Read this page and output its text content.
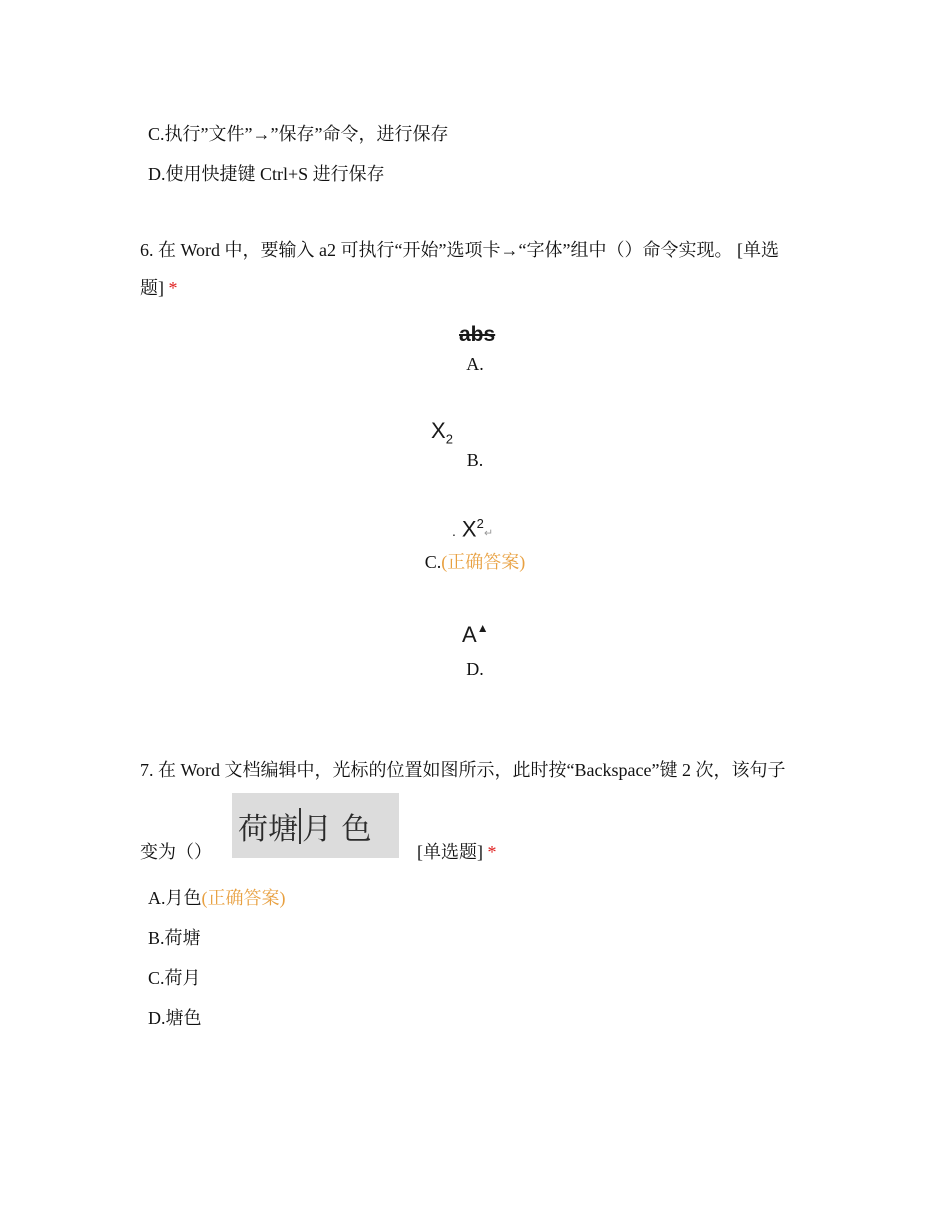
C.执行”文件”→”保存”命令，进行保存
D.使用快捷键 Ctrl+S 进行保存
6. 在 Word 中，要输入 a2 可执行“开始”选项卡→“字体”组中（）命令实现。 [单选
题] *
abs
A.
$X_2$
B.
. $X^2↵$
C.(正确答案)
A▲
D.
7. 在 Word 文档编辑中，光标的位置如图所示，此时按“Backspace”键 2 次，该句子
变为（）
荷塘 月 色
[单选题] *
A.月色(正确答案)
B.荷塘
C.荷月
D.塘色
